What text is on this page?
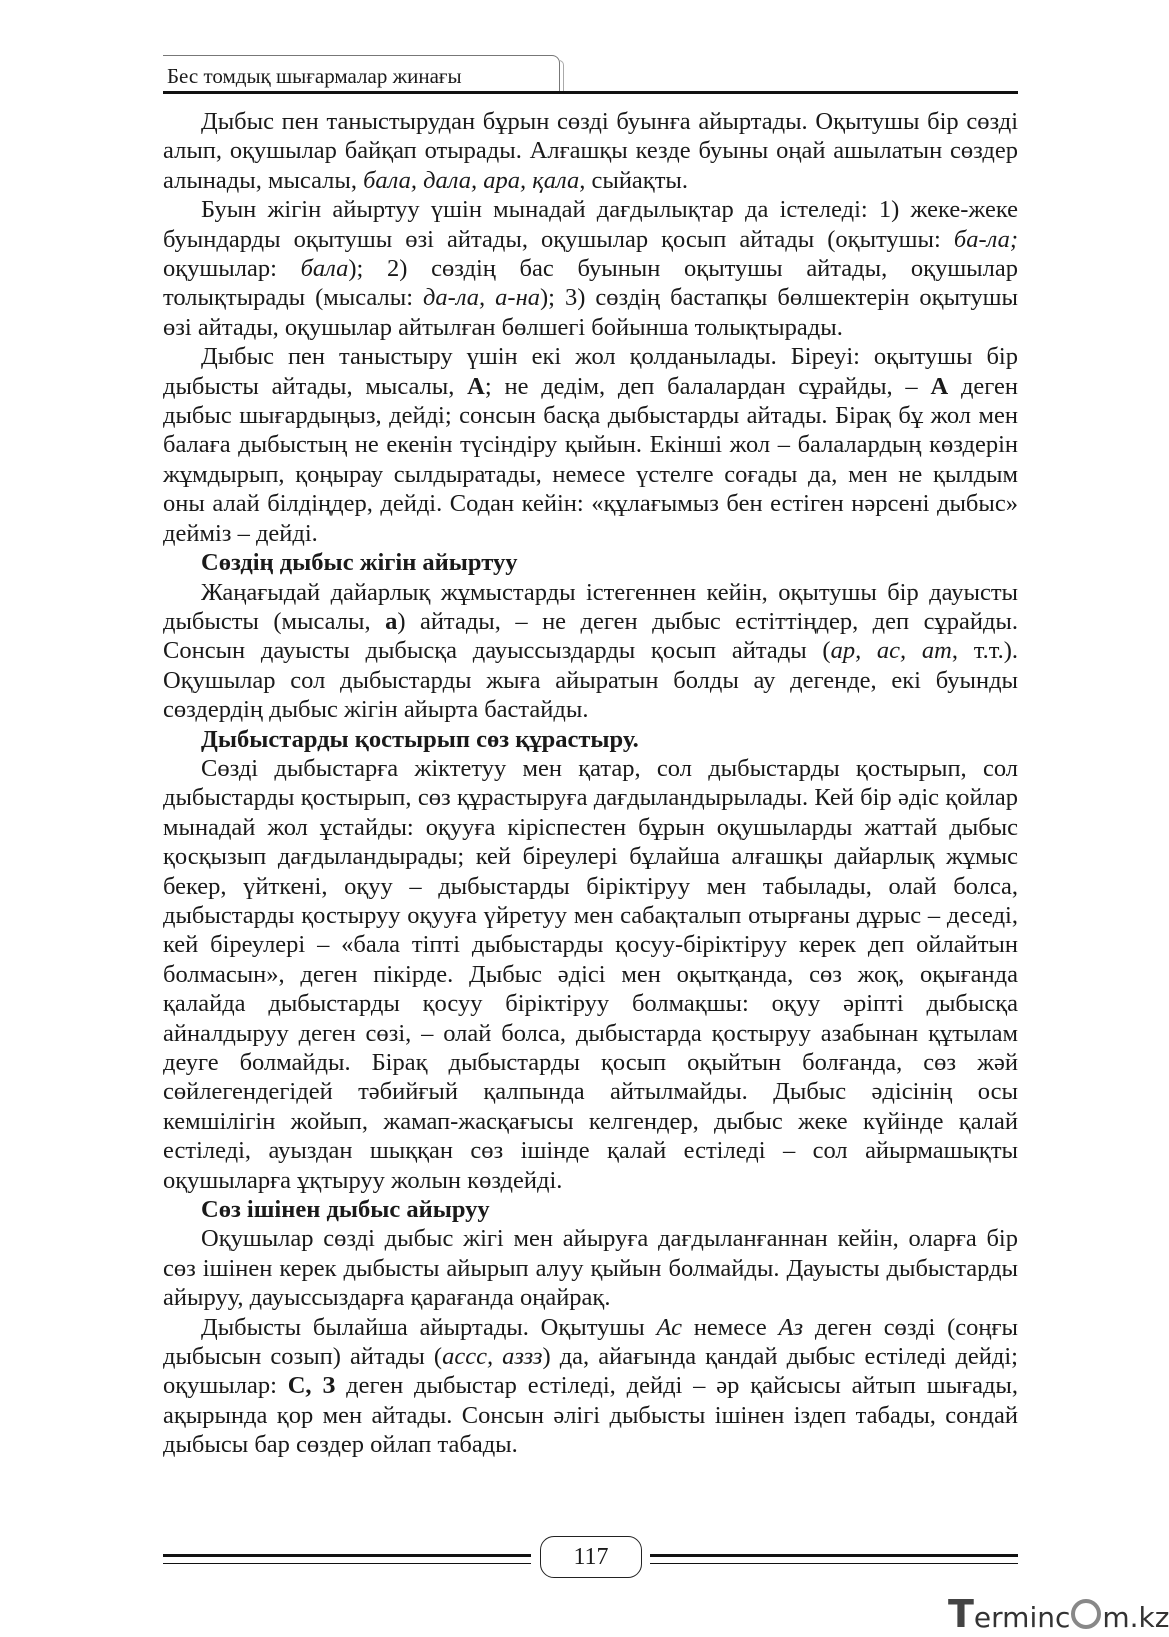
Бес томдық шығармалар жинағы

Дыбыс пен таныстырудан бұрын сөзді буынға айыртады. Оқытушы бір сөзді алып, оқушылар байқап отырады. Алғашқы кезде буыны оңай ашылатын сөздер алынады, мысалы, бала, дала, ара, қала, сыйақты.

Буын жігін айыртуу үшін мынадай дағдылықтар да істеледі: 1) жеке-жеке буындарды оқытушы өзі айтады, оқушылар қосып айтады (оқытушы: ба-ла; оқушылар: бала); 2) сөздің бас буынын оқытушы айтады, оқушылар толықтырады (мысалы: да-ла, а-на); 3) сөздің бастапқы бөлшектерін оқытушы өзі айтады, оқушылар айтылған бөлшегі бойынша толықтырады.

Дыбыс пен таныстыру үшін екі жол қолданылады. Біреуі: оқытушы бір дыбысты айтады, мысалы, А; не дедім, деп балалардан сұрайды, – А деген дыбыс шығардыңыз, дейді; сонсын басқа дыбыстарды айтады. Бірақ бұ жол мен балаға дыбыстың не екенін түсіндіру қыйын. Екінші жол – балалардың көздерін жұмдырып, қоңырау сылдыратады, немесе үстелге соғады да, мен не қылдым оны алай білдіңдер, дейді. Содан кейін: «құлағымыз бен естіген нәрсені дыбыс» дейміз – дейді.

Сөздің дыбыс жігін айыртуу

Жаңағыдай дайарлық жұмыстарды істегеннен кейін, оқытушы бір дауысты дыбысты (мысалы, а) айтады, – не деген дыбыс естіттіңдер, деп сұрайды. Сонсын дауысты дыбысқа дауыссыздарды қосып айтады (ар, ас, ат, т.т.). Оқушылар сол дыбыстарды жыға айыратын болды ау дегенде, екі буынды сөздердің дыбыс жігін айырта бастайды.

Дыбыстарды қостырып сөз құрастыру.

Сөзді дыбыстарға жіктетуу мен қатар, сол дыбыстарды қостырып, сол дыбыстарды қостырып, сөз құрастыруға дағдыландырылады. Кей бір әдіс қойлар мынадай жол ұстайды: оқууға кіріспестен бұрын оқушыларды жаттай дыбыс қосқызып дағдыландырады; кей біреулері бұлайша алғашқы дайарлық жұмыс бекер, үйткені, оқуу – дыбыстарды біріктіруу мен табылады, олай болса, дыбыстарды қостыруу оқууға үйретуу мен сабақталып отырғаны дұрыс – деседі, кей біреулері – «бала тіпті дыбыстарды қосуу-біріктіруу керек деп ойлайтын болмасын», деген пікірде. Дыбыс әдісі мен оқытқанда, сөз жоқ, оқығанда қалайда дыбыстарды қосуу біріктіруу болмақшы: оқуу әріпті дыбысқа айналдыруу деген сөзі, – олай болса, дыбыстарда қостыруу азабынан құтылам деуге болмайды. Бірақ дыбыстарды қосып оқыйтын болғанда, сөз жәй сөйлегендегідей тәбийғый қалпында айтылмайды. Дыбыс әдісінің осы кемшілігін жойып, жамап-жасқағысы келгендер, дыбыс жеке күйінде қалай естіледі, ауыздан шыққан сөз ішінде қалай естіледі – сол айырмашықты оқушыларға ұқтыруу жолын көздейді.

Сөз ішінен дыбыс айыруу

Оқушылар сөзді дыбыс жігі мен айыруға дағдыланғаннан кейін, оларға бір сөз ішінен керек дыбысты айырып алуу қыйын болмайды. Дауысты дыбыстарды айыруу, дауыссыздарға қарағанда оңайрақ.

Дыбысты былайша айыртады. Оқытушы Ас немесе Аз деген сөзді (соңғы дыбысын созып) айтады (аccс, аззз) да, айағында қандай дыбыс естіледі дейді; оқушылар: С, З деген дыбыстар естіледі, дейді – әр қайсысы айтып шығады, ақырында қор мен айтады. Сонсын әлігі дыбысты ішінен іздеп табады, сондай дыбысы бар сөздер ойлап табады.

117
Terminc m.kz
